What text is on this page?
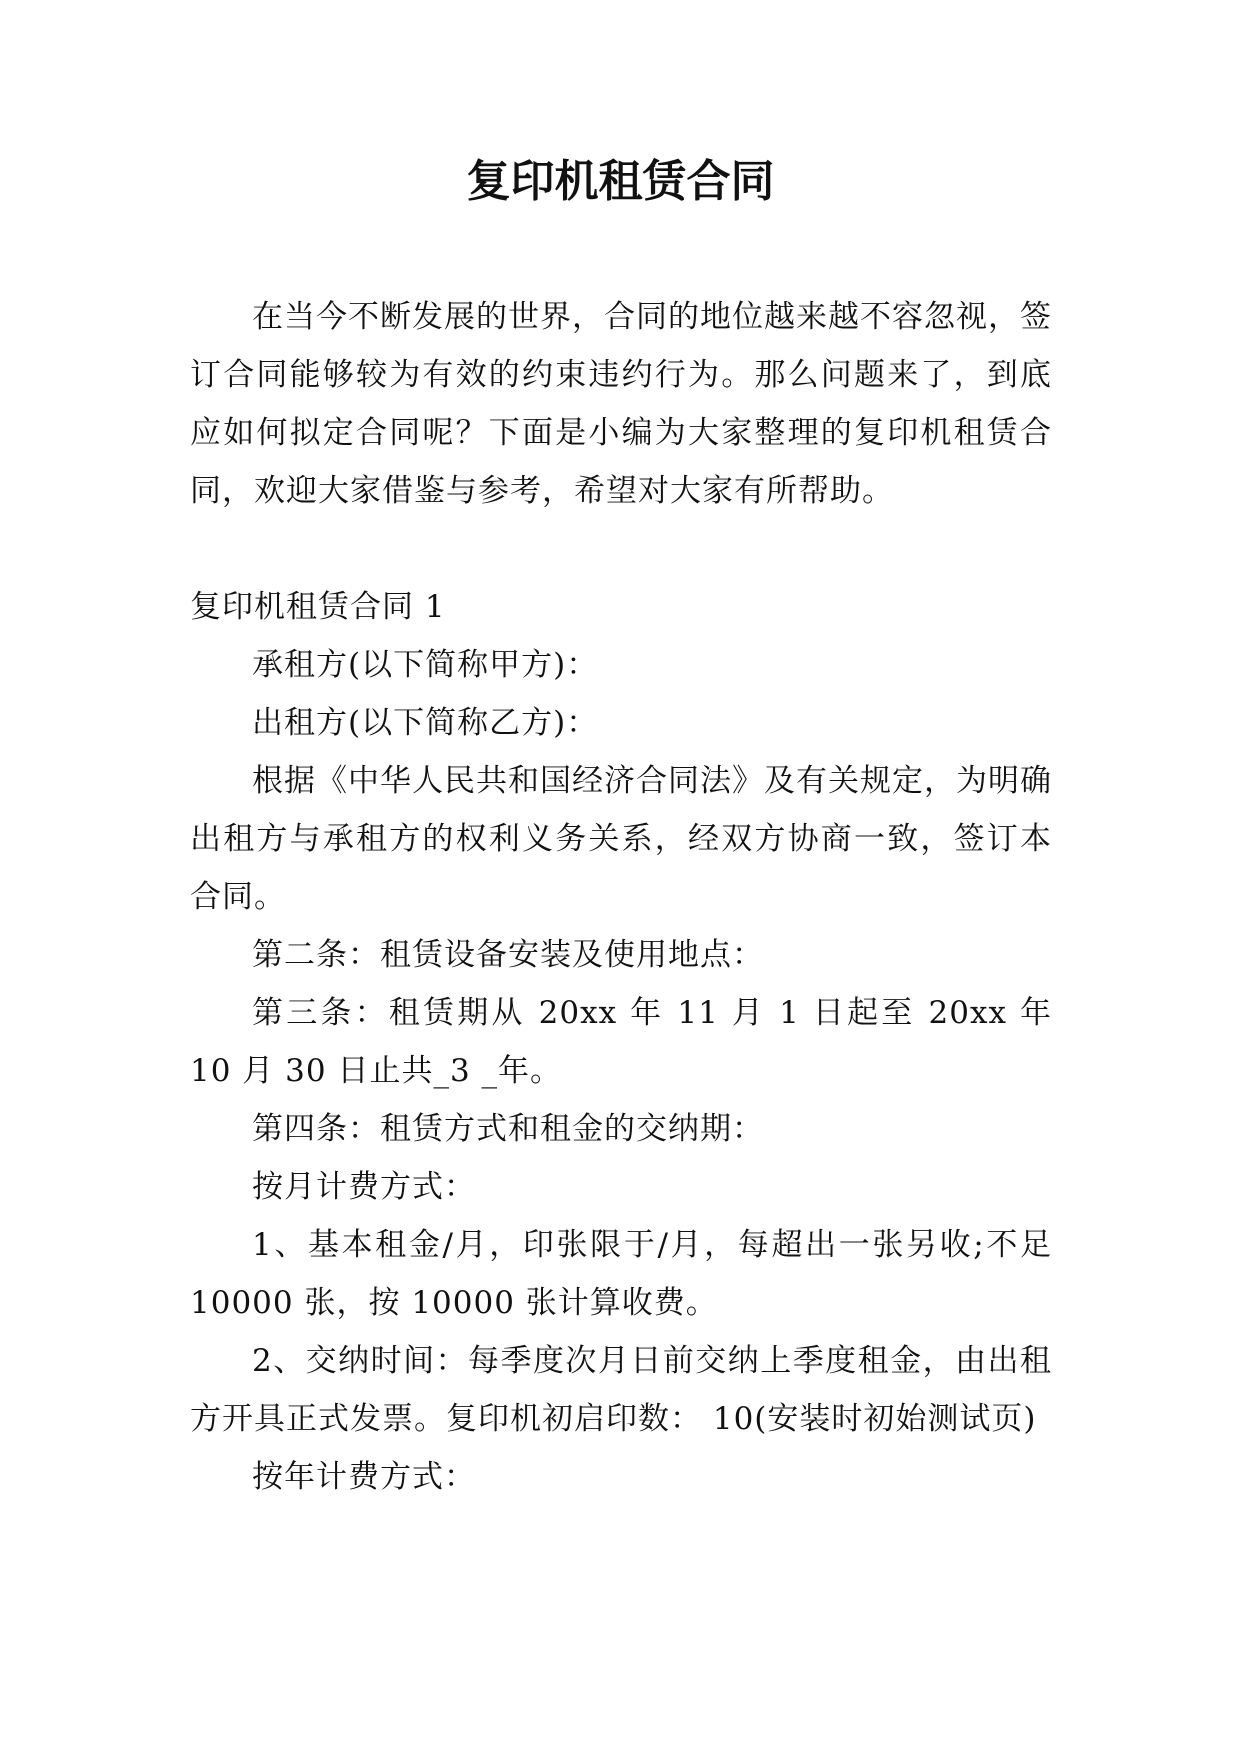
复印机租赁合同

在当今不断发展的世界，合同的地位越来越不容忽视，签订合同能够较为有效的约束违约行为。那么问题来了，到底应如何拟定合同呢？下面是小编为大家整理的复印机租赁合同，欢迎大家借鉴与参考，希望对大家有所帮助。

复印机租赁合同 1

承租方(以下简称甲方)：

出租方(以下简称乙方)：

根据《中华人民共和国经济合同法》及有关规定，为明确出租方与承租方的权利义务关系，经双方协商一致，签订本合同。

第二条：租赁设备安装及使用地点：

第三条：租赁期从 20xx 年 11 月 1 日起至 20xx 年 10 月 30 日止共_3 _年。

第四条：租赁方式和租金的交纳期：

按月计费方式：

1、基本租金/月，印张限于/月，每超出一张另收;不足 10000 张，按 10000 张计算收费。

2、交纳时间：每季度次月日前交纳上季度租金，由出租方开具正式发票。复印机初启印数： 10(安装时初始测试页)

按年计费方式：
